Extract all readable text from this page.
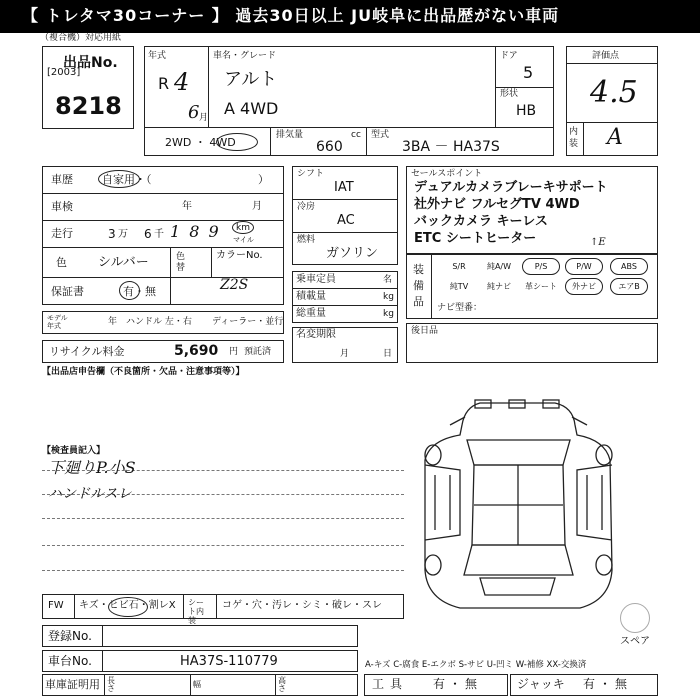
【 トレタマ30コーナー 】 過去30日以上 JU岐阜に出品歴がない車両
（複合機）対応用紙
出品No.
[2003]
8218
年式
R 4
6 月
車名・グレード
アルト
A 4WD
ドア
5
形状
HB
2WD ・ 4WD
排気量	cc
660
型式
3BA － HA37S
評価点
4.5
内装 A
車歴	自家用・（	）
車検	年	月
走行	3 万 6 千 1 8 9 km
マイル
色 シルバー	色替
カラーNo.
Z2S
保証書	有・無
モデル年式	年 ハンドル 左・右 ディーラー・並行
リサイクル料金	5,690 円 預託済
シフト
IAT
冷房
AC
燃料
ガソリン
乗車定員	名
積載量	kg
総重量	kg
名変期限
月	日
セールスポイント
デュアルカメラブレーキサポート
社外ナビ フルセグTV 4WD
バックカメラ キーレス
ETC シートヒーター	↑E
装備品
S/R	純A/W	P/S	P/W	ABS
純TV	純ナビ	革シート	外ナビ	エアB
ナビ型番：
後日品
【出品店申告欄（不良箇所・欠品・注意事項等）】
【検査員記入】
下廻りP.小S
ハンドルスレ
スペア
FW キズ・ヒビ石・割レX シート内装
コゲ・穴・汚レ・シミ・破レ・スレ
登録No.
車台No.	HA37S-110779	A-キズ C-腐食 E-エクボ S-サビ U-凹ミ W-補修 XX-交換済
車庫証明用 長さ	幅	高さ	工具 有・無	ジャッキ 有・無
